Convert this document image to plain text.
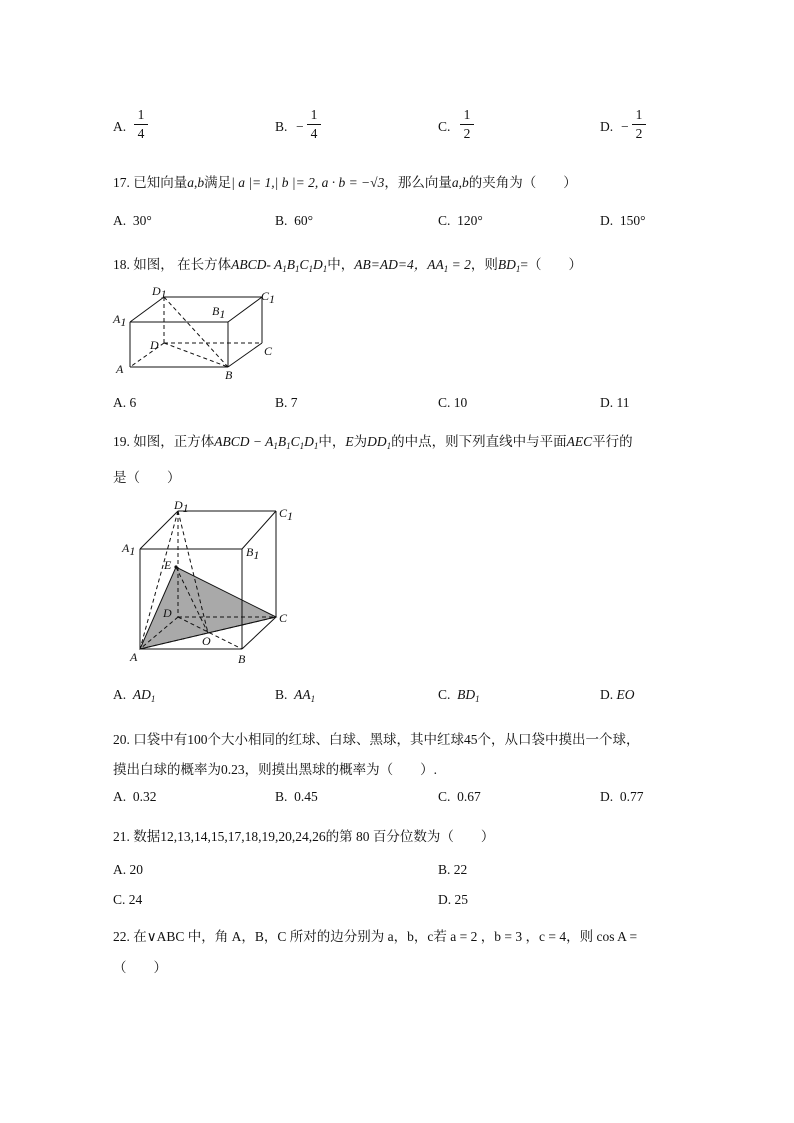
A.
1
4	B. −
1
4	C.
1
2	D. −
1
2
17. 已知向量a,b满足| a |= 1,| b |= 2, a · b = −√3，那么向量a,b的夹角为（　　）
A. 30°	B. 60°	C. 120°	D. 150°
18. 如图， 在长方体ABCD- $A_1B_1C_1D_1$中，AB=AD=4，$AA_1 = 2$，则$BD_1=$（　　）
D1	C1
A1
B1
D	C
A	B
A. 6	B. 7	C. 10	D. 11
19. 如图，正方体ABCD − $A_1B_1C_1D_1$中，E为$DD_1$的中点，则下列直线中与平面AEC平行的
是（　　）
D1	C1
A1	B1
E
D	C
A
O
B
A. $AD_1$	B. $AA_1$	C. $BD_1$	D. EO
20. 口袋中有100个大小相同的红球、白球、黑球，其中红球45个，从口袋中摸出一个球，
摸出白球的概率为0.23，则摸出黑球的概率为（　　）.
A. 0.32	B. 0.45	C. 0.67	D. 0.77
21. 数据12,13,14,15,17,18,19,20,24,26的第 80 百分位数为（　　）
A. 20	B. 22
C. 24	D. 25
22. 在∨ABC 中，角 A，B，C 所对的边分别为 a，b，c若 a = 2 ，b = 3 ，c = 4，则 cos A =
（　　）
